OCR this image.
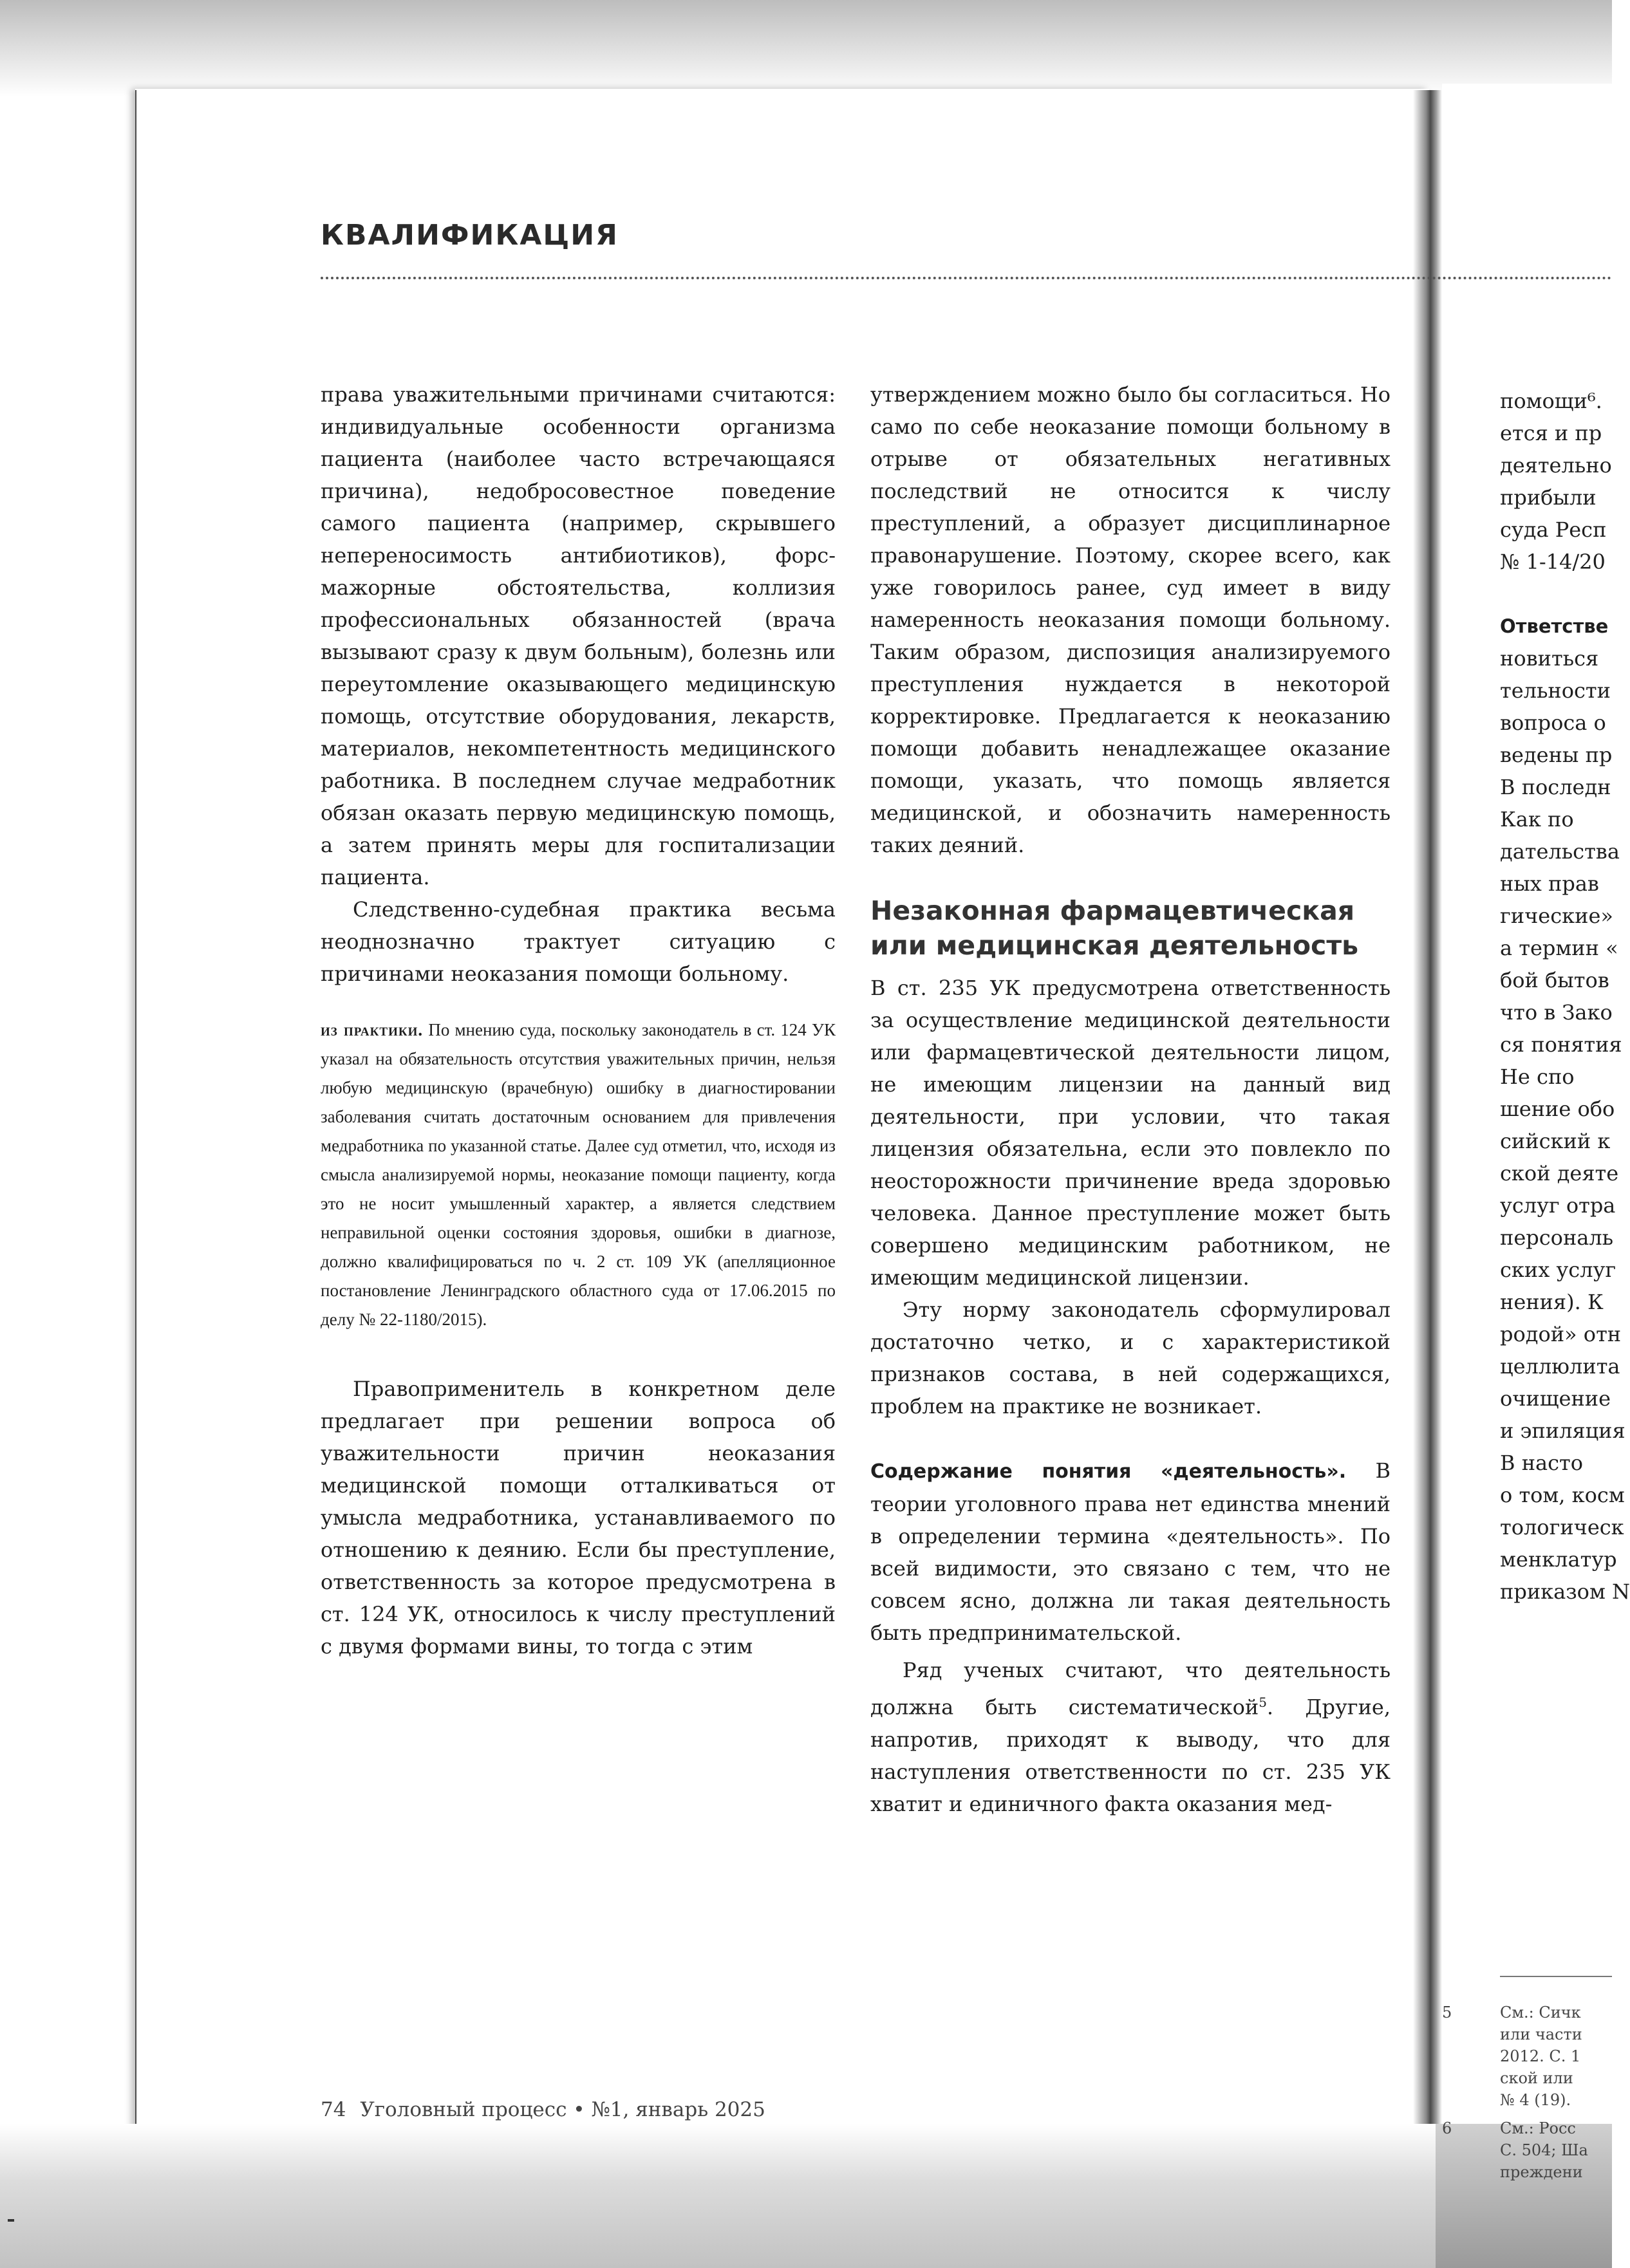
КВАЛИФИКАЦИЯ

права уважительными причинами считаются: индивидуальные особенности организма пациента (наиболее часто встречающаяся причина), недобросовестное поведение самого пациента (например, скрывшего непереносимость антибиотиков), форс-мажорные обстоятельства, коллизия профессиональных обязанностей (врача вызывают сразу к двум больным), болезнь или переутомление оказывающего медицинскую помощь, отсутствие оборудования, лекарств, материалов, некомпетентность медицинского работника. В последнем случае медработник обязан оказать первую медицинскую помощь, а затем принять меры для госпитализации пациента.

Следственно-судебная практика весьма неоднозначно трактует ситуацию с причинами неоказания помощи больному.

из практики. По мнению суда, поскольку законодатель в ст. 124 УК указал на обязательность отсутствия уважительных причин, нельзя любую медицинскую (врачебную) ошибку в диагностировании заболевания считать достаточным основанием для привлечения медработника по указанной статье. Далее суд отметил, что, исходя из смысла анализируемой нормы, неоказание помощи пациенту, когда это не носит умышленный характер, а является следствием неправильной оценки состояния здоровья, ошибки в диагнозе, должно квалифицироваться по ч. 2 ст. 109 УК (апелляционное постановление Ленинградского областного суда от 17.06.2015 по делу № 22-1180/2015).

Правоприменитель в конкретном деле предлагает при решении вопроса об уважительности причин неоказания медицинской помощи отталкиваться от умысла медработника, устанавливаемого по отношению к деянию. Если бы преступление, ответственность за которое предусмотрена в ст. 124 УК, относилось к числу преступлений с двумя формами вины, то тогда с этим

утверждением можно было бы согласиться. Но само по себе неоказание помощи больному в отрыве от обязательных негативных последствий не относится к числу преступлений, а образует дисциплинарное правонарушение. Поэтому, скорее всего, как уже говорилось ранее, суд имеет в виду намеренность неоказания помощи больному. Таким образом, диспозиция анализируемого преступления нуждается в некоторой корректировке. Предлагается к неоказанию помощи добавить ненадлежащее оказание помощи, указать, что помощь является медицинской, и обозначить намеренность таких деяний.

Незаконная фармацевтическая или медицинская деятельность

В ст. 235 УК предусмотрена ответственность за осуществление медицинской деятельности или фармацевтической деятельности лицом, не имеющим лицензии на данный вид деятельности, при условии, что такая лицензия обязательна, если это повлекло по неосторожности причинение вреда здоровью человека. Данное преступление может быть совершено медицинским работником, не имеющим медицинской лицензии.

Эту норму законодатель сформулировал достаточно четко, и с характеристикой признаков состава, в ней содержащихся, проблем на практике не возникает.

Содержание понятия «деятельность». В теории уголовного права нет единства мнений в определении термина «деятельность». По всей видимости, это связано с тем, что не совсем ясно, должна ли такая деятельность быть предпринимательской.

Ряд ученых считают, что деятельность должна быть систематической$^5$. Другие, напротив, приходят к выводу, что для наступления ответственности по ст. 235 УК хватит и единичного факта оказания мед-

помощи⁶.
ется и пр
деятельно
прибыли
суда Респ
№ 1-14/20
Ответстве
новиться
тельности
вопроса о
ведены пр
В последн
Как по
дательства
ных прав
гические»
а термин «
бой бытов
что в Зако
ся понятия
Не спо
шение обо
сийский к
ской деяте
услуг отра
персональ
ских услуг
нения). К
родой» отн
целлюлита
очищение
и эпиляция
В насто
о том, косм
тологическ
менклатур
приказом N
См.: Сичк
или части
2012. С. 1
ской или
№ 4 (19).
См.: Росс
С. 504; Ша
преждени
74 Уголовный процесс • №1, январь 2025
